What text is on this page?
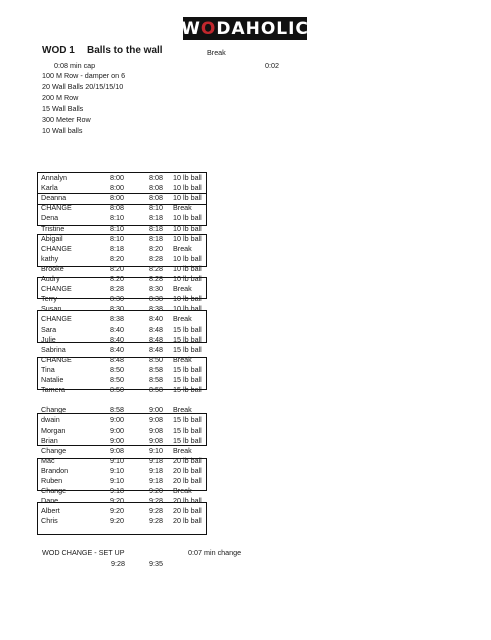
WODAHOLIC
WOD 1 Balls to the wall	Break
0:08 min cap	0:02
100 M Row - damper on 6
20 Wall Balls 20/15/15/10
200 M Row
15 Wall Balls
300 Meter Row
10 Wall balls
Annalyn	8:00	8:08 10 lb ball
Karla	8:00	8:08 10 lb ball
Deanna	8:00	8:08 10 lb ball
CHANGE	8:08	8:10 Break
Dena	8:10	8:18 10 lb ball
Tristine	8:10	8:18 10 lb ball
Abigail	8:10	8:18 10 lb ball
CHANGE	8:18	8:20 Break
kathy	8:20	8:28 10 lb ball
Brooke	8:20	8:28 10 lb ball
Audry	8:20	8:28 10 lb ball
CHANGE	8:28	8:30 Break
Terry	8:30	8:38 10 lb ball
Susan	8:30	8:38 10 lb ball
CHANGE	8:38	8:40 Break
Sara	8:40	8:48 15 lb ball
Julie	8:40	8:48 15 lb ball
Sabrina	8:40	8:48 15 lb ball
CHANGE	8:48	8:50 Break
Tina	8:50	8:58 15 lb ball
Natalie	8:50	8:58 15 lb ball
Tamera	8:50	8:58 15 lb ball
Change	8:58	9:00 Break
dwain	9:00	9:08 15 lb ball
Morgan	9:00	9:08 15 lb ball
Brian	9:00	9:08 15 lb ball
Change	9:08	9:10 Break
Mac	9:10	9:18 20 lb ball
Brandon	9:10	9:18 20 lb ball
Ruben	9:10	9:18 20 lb ball
Change	9:18	9:20 Break
Dane	9:20	9:28 20 lb ball
Albert	9:20	9:28 20 lb ball
Chris	9:20	9:28 20 lb ball
WOD CHANGE - SET UP	0:07 min change
9:28	9:35
